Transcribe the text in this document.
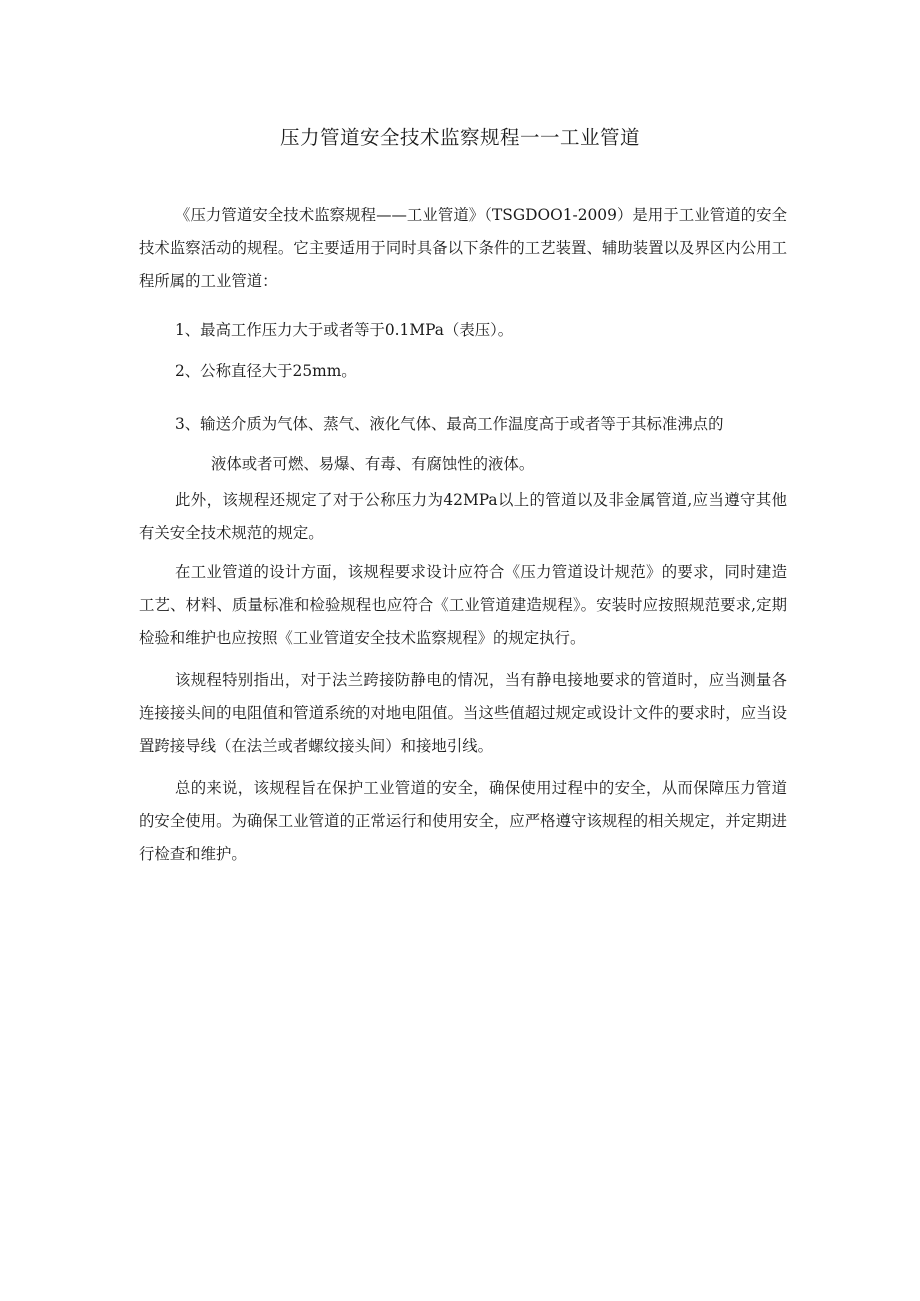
压力管道安全技术监察规程一一工业管道

《压力管道安全技术监察规程——工业管道》（TSGDOO1-2009）是用于工业管道的安全技术监察活动的规程。它主要适用于同时具备以下条件的工艺装置、辅助装置以及界区内公用工程所属的工业管道：

1、最高工作压力大于或者等于0.1MPa（表压）。

2、公称直径大于25mm。

3、输送介质为气体、蒸气、液化气体、最高工作温度高于或者等于其标准沸点的

液体或者可燃、易爆、有毒、有腐蚀性的液体。

此外，该规程还规定了对于公称压力为42MPa以上的管道以及非金属管道,应当遵守其他有关安全技术规范的规定。

在工业管道的设计方面，该规程要求设计应符合《压力管道设计规范》的要求，同时建造工艺、材料、质量标准和检验规程也应符合《工业管道建造规程》。安装时应按照规范要求,定期检验和维护也应按照《工业管道安全技术监察规程》的规定执行。

该规程特别指出，对于法兰跨接防静电的情况，当有静电接地要求的管道时，应当测量各连接接头间的电阻值和管道系统的对地电阻值。当这些值超过规定或设计文件的要求时，应当设置跨接导线（在法兰或者螺纹接头间）和接地引线。

总的来说，该规程旨在保护工业管道的安全，确保使用过程中的安全，从而保障压力管道的安全使用。为确保工业管道的正常运行和使用安全，应严格遵守该规程的相关规定，并定期进行检查和维护。
